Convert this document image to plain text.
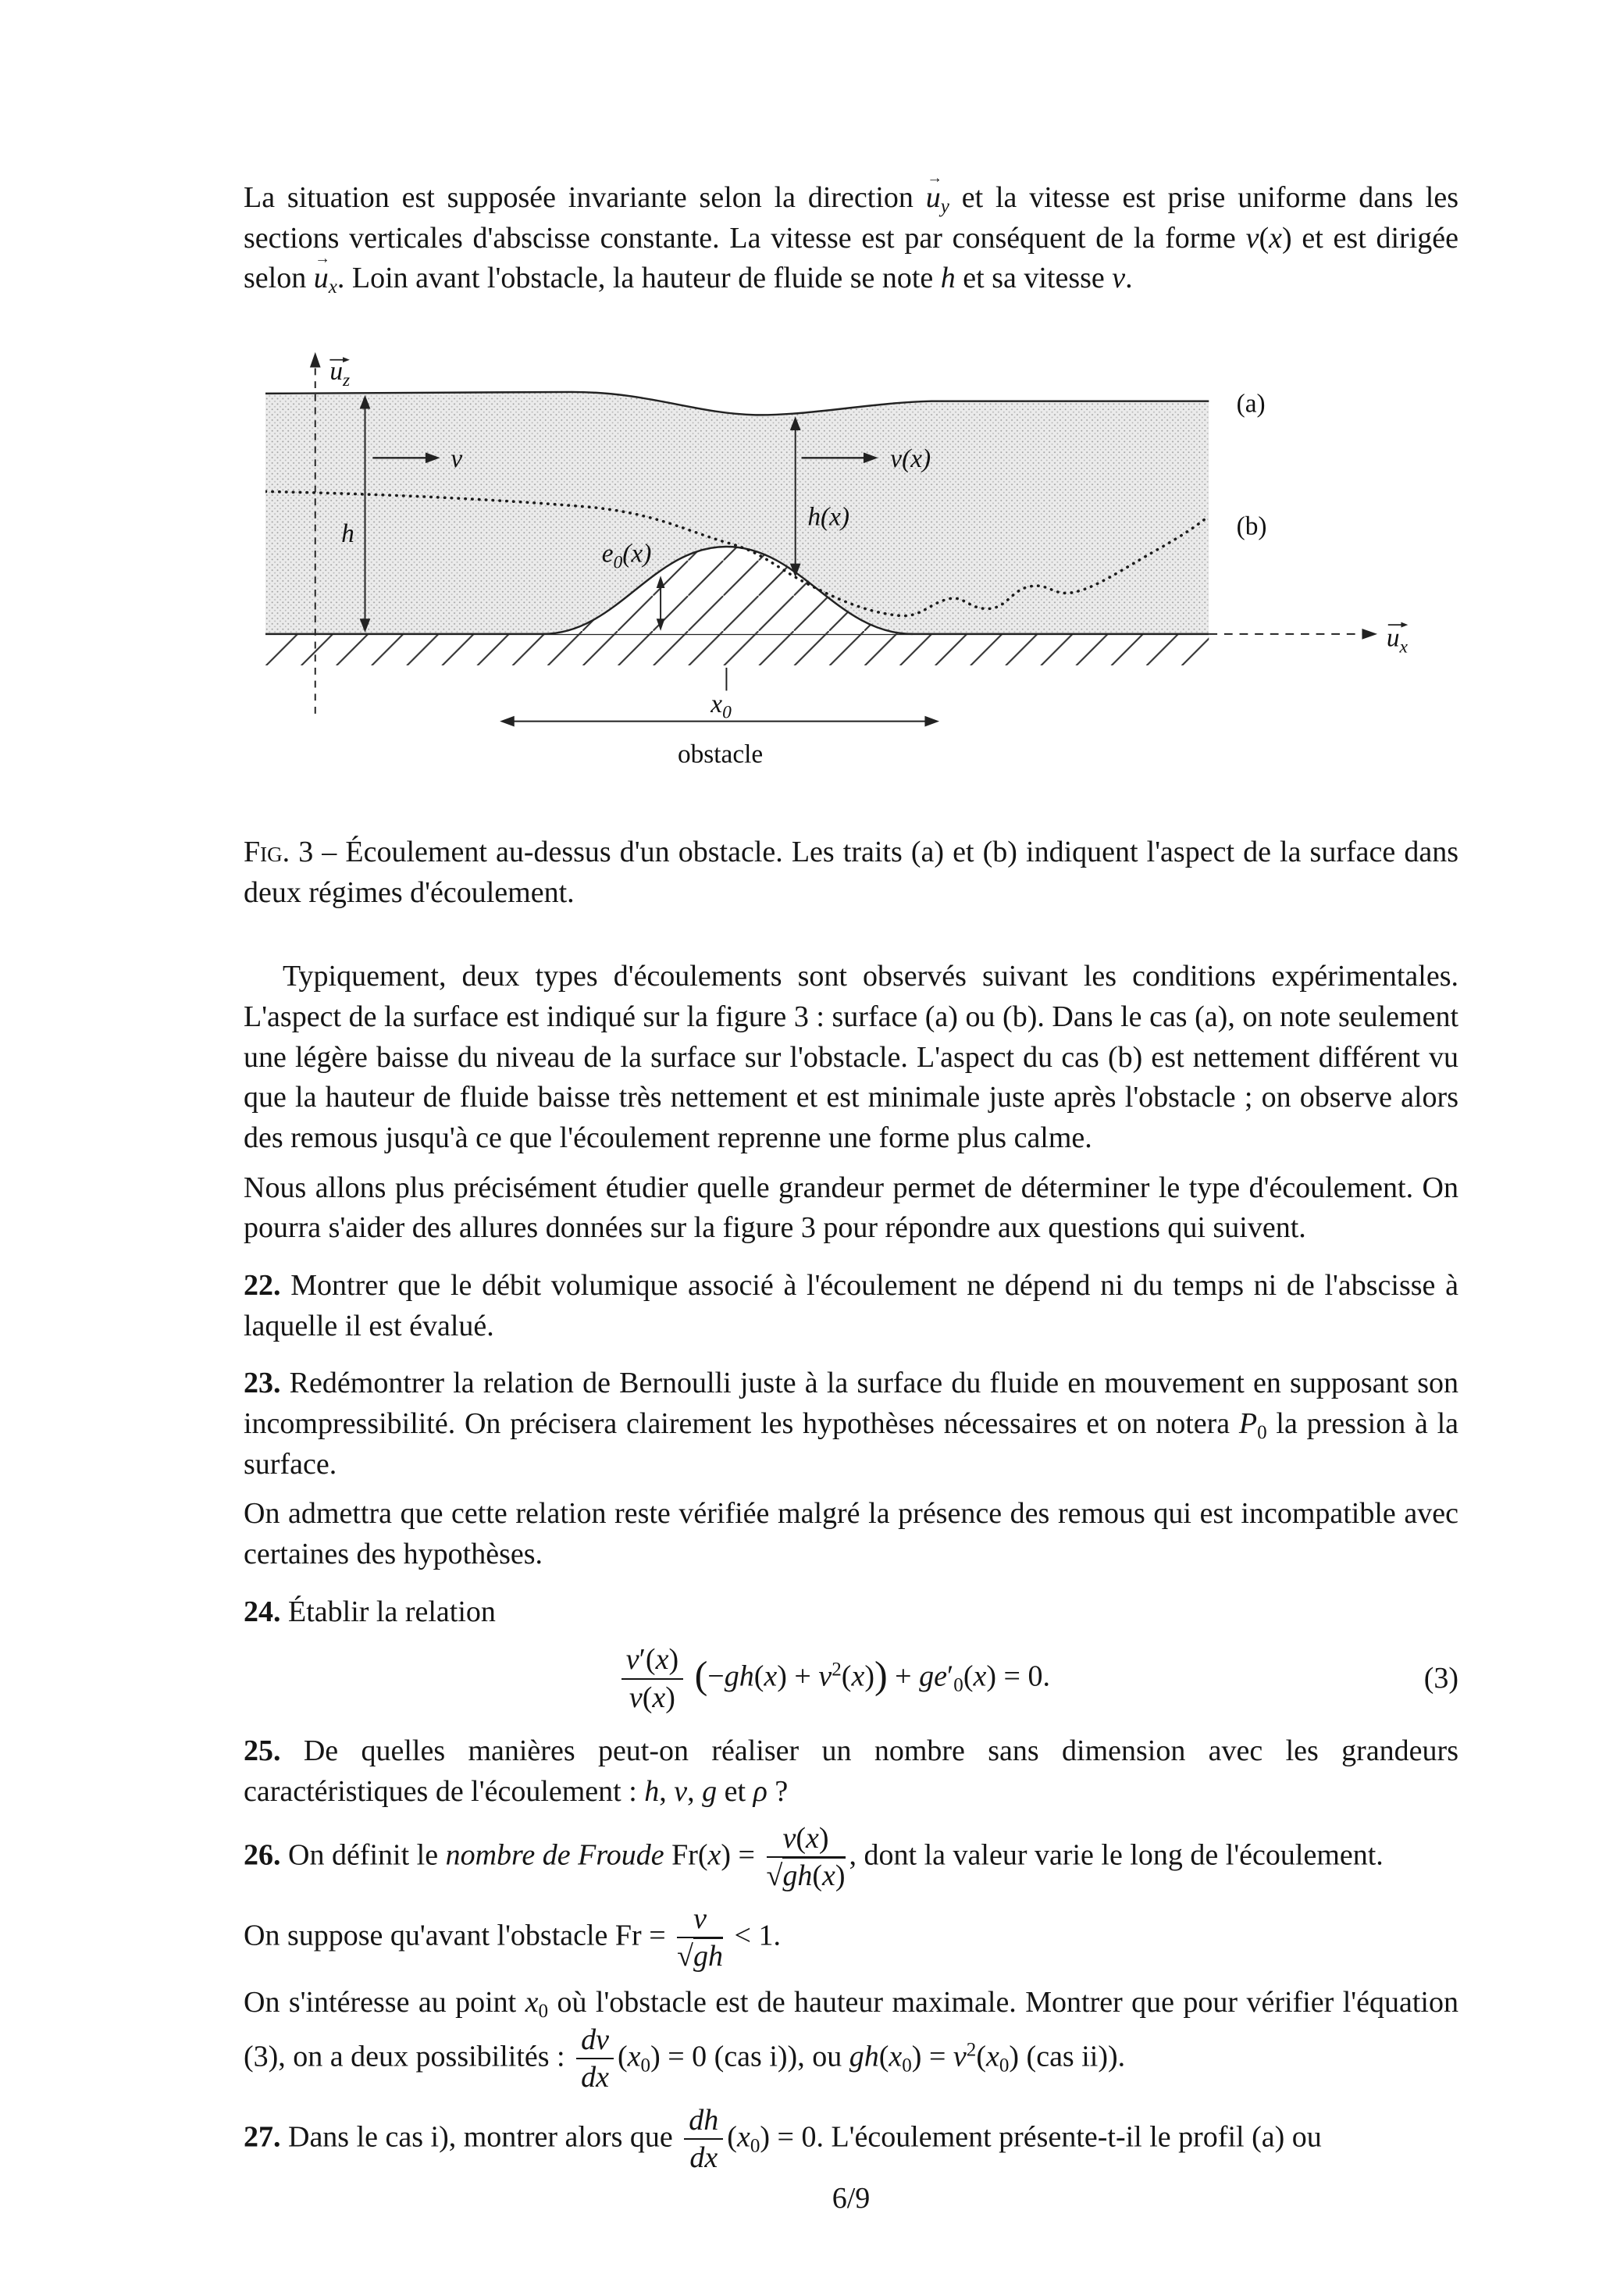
La situation est supposée invariante selon la direction $u \to_y$ et la vitesse est prise uniforme dans les sections verticales d'abscisse constante. La vitesse est par conséquent de la forme v(x) et est dirigée selon $u \to_x$. Loin avant l'obstacle, la hauteur de fluide se note h et sa vitesse v.

$u_z$
$u_x$
v	v(x)
h
h(x)
$e_0(x)$
$x_0$
obstacle
(a)
(b)

Fig. 3 – Écoulement au-dessus d'un obstacle. Les traits (a) et (b) indiquent l'aspect de la surface dans deux régimes d'écoulement.

Typiquement, deux types d'écoulements sont observés suivant les conditions expérimentales. L'aspect de la surface est indiqué sur la figure 3 : surface (a) ou (b). Dans le cas (a), on note seulement une légère baisse du niveau de la surface sur l'obstacle. L'aspect du cas (b) est nettement différent vu que la hauteur de fluide baisse très nettement et est minimale juste après l'obstacle ; on observe alors des remous jusqu'à ce que l'écoulement reprenne une forme plus calme.

Nous allons plus précisément étudier quelle grandeur permet de déterminer le type d'écoulement. On pourra s'aider des allures données sur la figure 3 pour répondre aux questions qui suivent.

22. Montrer que le débit volumique associé à l'écoulement ne dépend ni du temps ni de l'abscisse à laquelle il est évalué.

23. Redémontrer la relation de Bernoulli juste à la surface du fluide en mouvement en supposant son incompressibilité. On précisera clairement les hypothèses nécessaires et on notera $P_0$ la pression à la surface.

On admettra que cette relation reste vérifiée malgré la présence des remous qui est incompatible avec certaines des hypothèses.

24. Établir la relation

$\frac{v'(x)}{v(x)} (-gh(x) + v^2(x)) + ge'_0(x) = 0$.	(3)

25. De quelles manières peut-on réaliser un nombre sans dimension avec les grandeurs caractéristiques de l'écoulement : h, v, g et ρ ?

26. On définit le nombre de Froude $Fr(x) = \frac{v(x)}{√gh(x)}$ , dont la valeur varie le long de l'écoulement.

On suppose qu'avant l'obstacle $Fr = \frac{v}{√gh} < 1$.

On s'intéresse au point $x_0$ où l'obstacle est de hauteur maximale. Montrer que pour vérifier l'équation (3), on a deux possibilités : $\frac{dv}{dx} (x_0) = 0$ (cas i)), ou $gh(x_0) = v^2(x_0)$ (cas ii)).

27. Dans le cas i), montrer alors que $\frac{dh}{dx} (x_0) = 0$. L'écoulement présente-t-il le profil (a) ou

6/9
